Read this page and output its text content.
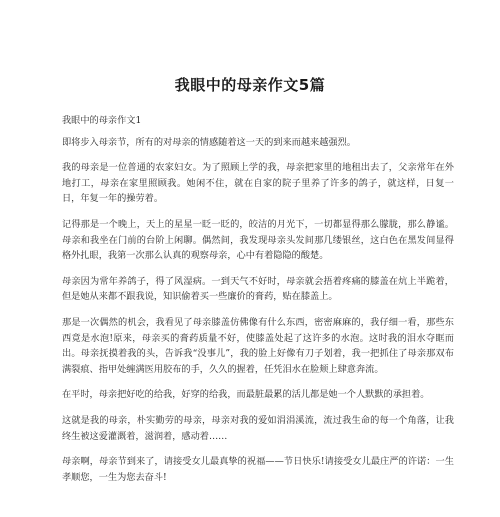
我眼中的母亲作文5篇

我眼中的母亲作文1

即将步入母亲节，所有的对母亲的情感随着这一天的到来而越来越强烈。

我的母亲是一位普通的农家妇女。为了照顾上学的我，母亲把家里的地租出去了，父亲常年在外地打工，母亲在家里照顾我。她闲不住，就在自家的院子里养了许多的鸽子，就这样，日复一日，年复一年的操劳着。

记得那是一个晚上，天上的星星一眨一眨的，皎洁的月光下，一切都显得那么朦胧，那么静谧。母亲和我坐在门前的台阶上闲聊。偶然间，我发现母亲头发间那几缕银丝，这白色在黑发间显得格外扎眼，我第一次那么认真的观察母亲，心中有着隐隐的酸楚。

母亲因为常年养鸽子，得了风湿病。一到天气不好时，母亲就会捂着疼痛的膝盖在炕上半跪着，但是她从来都不跟我说，知识偷着买一些廉价的膏药，贴在膝盖上。

那是一次偶然的机会，我看见了母亲膝盖仿佛像有什么东西，密密麻麻的，我仔细一看，那些东西竟是水泡!原来，母亲买的膏药质量不好，使膝盖处起了这许多的水泡。这时我的泪水夺眶而出。母亲抚摸着我的头，告诉我“没事儿”，我的脸上好像有刀子划着，我一把抓住了母亲那双布满裂痕、指甲处缠满医用胶布的手，久久的握着，任凭泪水在脸颊上肆意奔流。

在平时，母亲把好吃的给我，好穿的给我，而最脏最累的活儿都是她一个人默默的承担着。

这就是我的母亲，朴实勤劳的母亲，母亲对我的爱如涓涓溪流，流过我生命的每一个角落，让我终生被这爱灌溉着，滋润着，感动着……

母亲啊，母亲节到来了，请接受女儿最真挚的祝福——节日快乐!请接受女儿最庄严的许诺：一生孝顺您，一生为您去奋斗!
